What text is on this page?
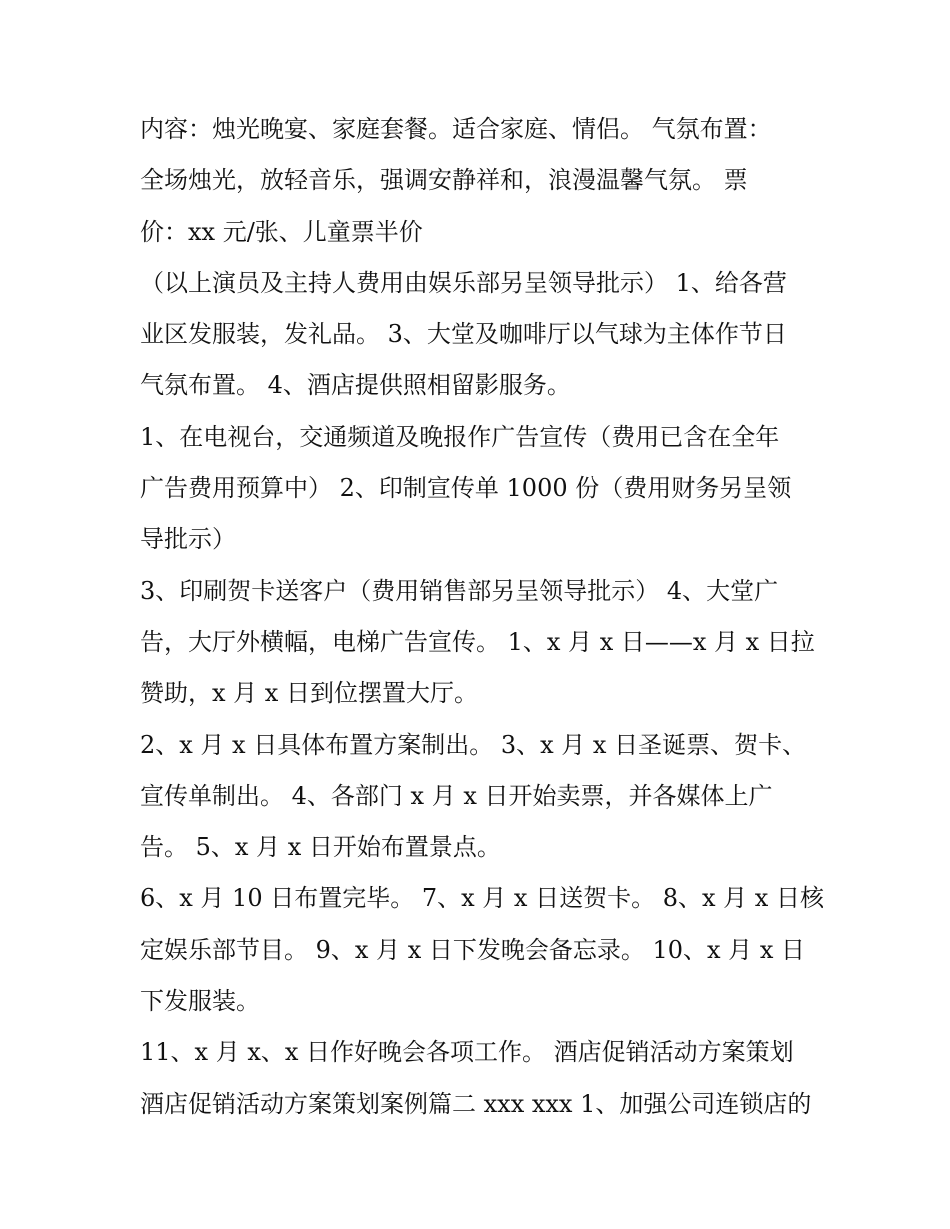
内容：烛光晚宴、家庭套餐。适合家庭、情侣。 气氛布置：
全场烛光，放轻音乐，强调安静祥和，浪漫温馨气氛。 票
价：xx 元/张、儿童票半价
（以上演员及主持人费用由娱乐部另呈领导批示） 1、给各营
业区发服装，发礼品。 3、大堂及咖啡厅以气球为主体作节日
气氛布置。 4、酒店提供照相留影服务。
1、在电视台，交通频道及晚报作广告宣传（费用已含在全年
广告费用预算中） 2、印制宣传单 1000 份（费用财务另呈领
导批示）
3、印刷贺卡送客户（费用销售部另呈领导批示） 4、大堂广
告，大厅外横幅，电梯广告宣传。 1、x 月 x 日——x 月 x 日拉
赞助，x 月 x 日到位摆置大厅。
2、x 月 x 日具体布置方案制出。 3、x 月 x 日圣诞票、贺卡、
宣传单制出。 4、各部门 x 月 x 日开始卖票，并各媒体上广
告。 5、x 月 x 日开始布置景点。
6、x 月 10 日布置完毕。 7、x 月 x 日送贺卡。 8、x 月 x 日核
定娱乐部节目。 9、x 月 x 日下发晚会备忘录。 10、x 月 x 日
下发服装。
11、x 月 x、x 日作好晚会各项工作。 酒店促销活动方案策划
酒店促销活动方案策划案例篇二 xxx xxx 1、加强公司连锁店的
